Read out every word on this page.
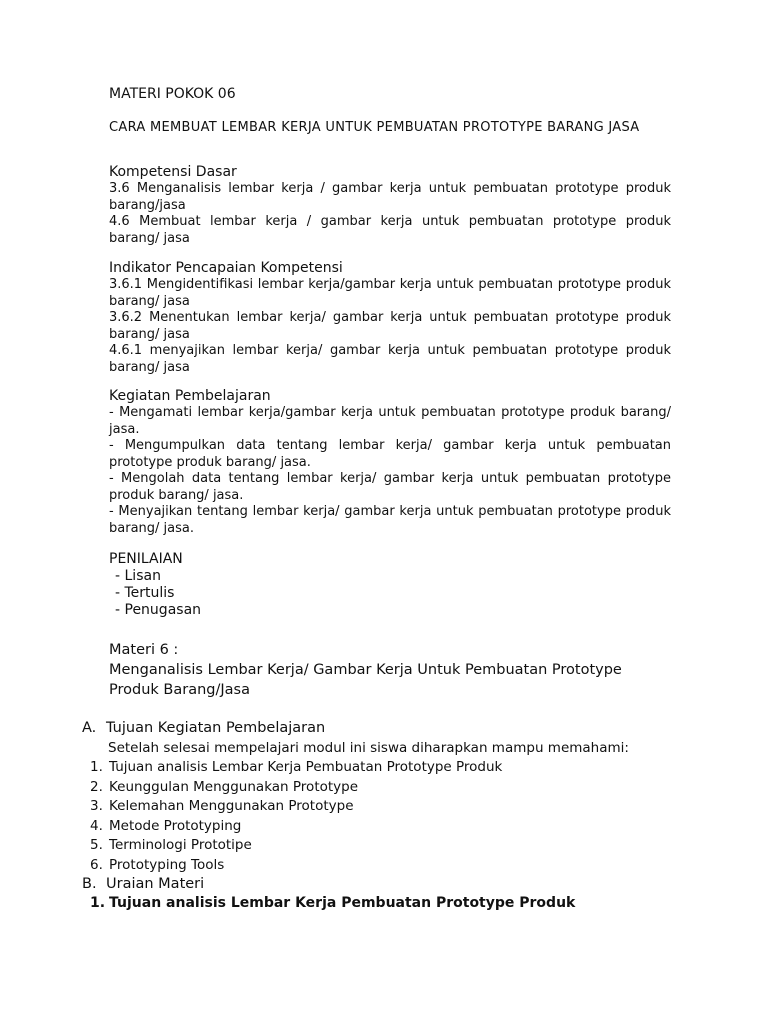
MATERI POKOK 06
CARA MEMBUAT LEMBAR KERJA UNTUK PEMBUATAN PROTOTYPE BARANG JASA

Kompetensi Dasar

3.6 Menganalisis lembar kerja / gambar kerja untuk pembuatan prototype produk barang/jasa

4.6 Membuat lembar kerja / gambar kerja untuk pembuatan prototype produk barang/ jasa

Indikator Pencapaian Kompetensi

3.6.1 Mengidentifikasi lembar kerja/gambar kerja untuk pembuatan prototype produk barang/ jasa

3.6.2 Menentukan lembar kerja/ gambar kerja untuk pembuatan prototype produk barang/ jasa

4.6.1 menyajikan lembar kerja/ gambar kerja untuk pembuatan prototype produk barang/ jasa

Kegiatan Pembelajaran

- Mengamati lembar kerja/gambar kerja untuk pembuatan prototype produk barang/ jasa.

- Mengumpulkan data tentang lembar kerja/ gambar kerja untuk pembuatan prototype produk barang/ jasa.

- Mengolah data tentang lembar kerja/ gambar kerja untuk pembuatan prototype produk barang/ jasa.

- Menyajikan tentang lembar kerja/ gambar kerja untuk pembuatan prototype produk barang/ jasa.

PENILAIAN

- Lisan

- Tertulis

- Penugasan

Materi 6 :

Menganalisis Lembar Kerja/ Gambar Kerja Untuk Pembuatan Prototype Produk Barang/Jasa

A. Tujuan Kegiatan Pembelajaran
Setelah selesai mempelajari modul ini siswa diharapkan mampu memahami:
1. Tujuan analisis Lembar Kerja Pembuatan Prototype Produk
2. Keunggulan Menggunakan Prototype
3. Kelemahan Menggunakan Prototype
4. Metode Prototyping
5. Terminologi Prototipe
6. Prototyping Tools
B. Uraian Materi
1. Tujuan analisis Lembar Kerja Pembuatan Prototype Produk
